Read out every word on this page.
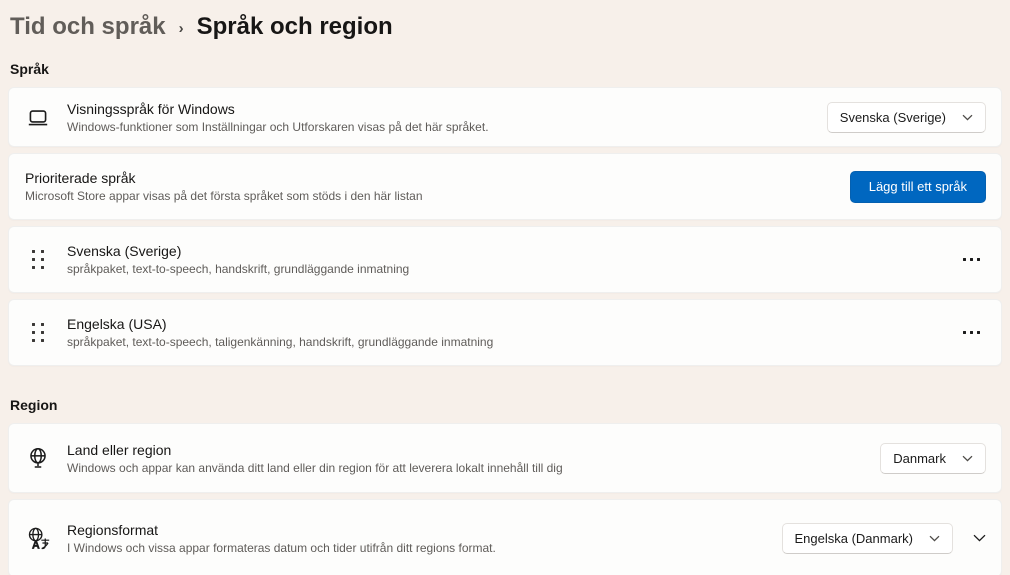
Tid och språk › Språk och region
Språk
Visningsspråk för Windows
Windows-funktioner som Inställningar och Utforskaren visas på det här språket.
Svenska (Sverige)
Prioriterade språk
Microsoft Store appar visas på det första språket som stöds i den här listan
Lägg till ett språk
Svenska (Sverige)
språkpaket, text-to-speech, handskrift, grundläggande inmatning
Engelska (USA)
språkpaket, text-to-speech, taligenkänning, handskrift, grundläggande inmatning
Region
Land eller region
Windows och appar kan använda ditt land eller din region för att leverera lokalt innehåll till dig
Danmark
A
Regionsformat
I Windows och vissa appar formateras datum och tider utifrån ditt regions format.
Engelska (Danmark)
